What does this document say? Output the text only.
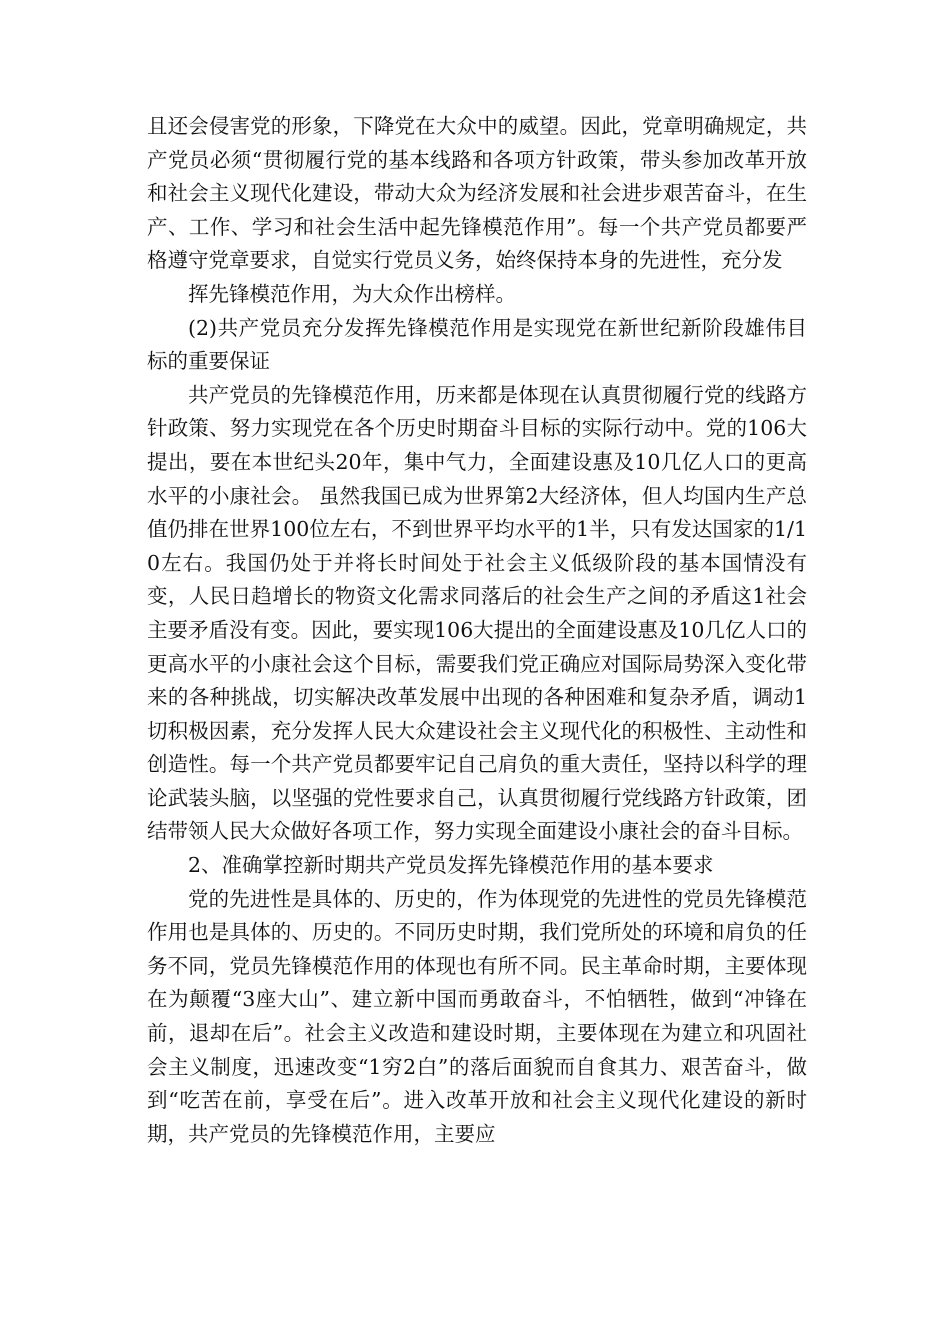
且还会侵害党的形象，下降党在大众中的威望。因此，党章明确规定，共产党员必须“贯彻履行党的基本线路和各项方针政策，带头参加改革开放和社会主义现代化建设，带动大众为经济发展和社会进步艰苦奋斗，在生产、工作、学习和社会生活中起先锋模范作用”。每一个共产党员都要严格遵守党章要求，自觉实行党员义务，始终保持本身的先进性，充分发

挥先锋模范作用，为大众作出榜样。

(2)共产党员充分发挥先锋模范作用是实现党在新世纪新阶段雄伟目标的重要保证

共产党员的先锋模范作用，历来都是体现在认真贯彻履行党的线路方针政策、努力实现党在各个历史时期奋斗目标的实际行动中。党的106大提出，要在本世纪头20年，集中气力，全面建设惠及10几亿人口的更高水平的小康社会。 虽然我国已成为世界第2大经济体，但人均国内生产总值仍排在世界100位左右，不到世界平均水平的1半，只有发达国家的1/10左右。我国仍处于并将长时间处于社会主义低级阶段的基本国情没有变，人民日趋增长的物资文化需求同落后的社会生产之间的矛盾这1社会主要矛盾没有变。因此，要实现106大提出的全面建设惠及10几亿人口的更高水平的小康社会这个目标，需要我们党正确应对国际局势深入变化带来的各种挑战，切实解决改革发展中出现的各种困难和复杂矛盾，调动1切积极因素，充分发挥人民大众建设社会主义现代化的积极性、主动性和创造性。每一个共产党员都要牢记自己肩负的重大责任，坚持以科学的理论武装头脑，以坚强的党性要求自己，认真贯彻履行党线路方针政策，团结带领人民大众做好各项工作，努力实现全面建设小康社会的奋斗目标。

2、准确掌控新时期共产党员发挥先锋模范作用的基本要求

党的先进性是具体的、历史的，作为体现党的先进性的党员先锋模范作用也是具体的、历史的。不同历史时期，我们党所处的环境和肩负的任务不同，党员先锋模范作用的体现也有所不同。民主革命时期，主要体现在为颠覆“3座大山”、建立新中国而勇敢奋斗，不怕牺牲，做到“冲锋在前，退却在后”。社会主义改造和建设时期，主要体现在为建立和巩固社会主义制度，迅速改变“1穷2白”的落后面貌而自食其力、艰苦奋斗，做到“吃苦在前，享受在后”。进入改革开放和社会主义现代化建设的新时期，共产党员的先锋模范作用，主要应
